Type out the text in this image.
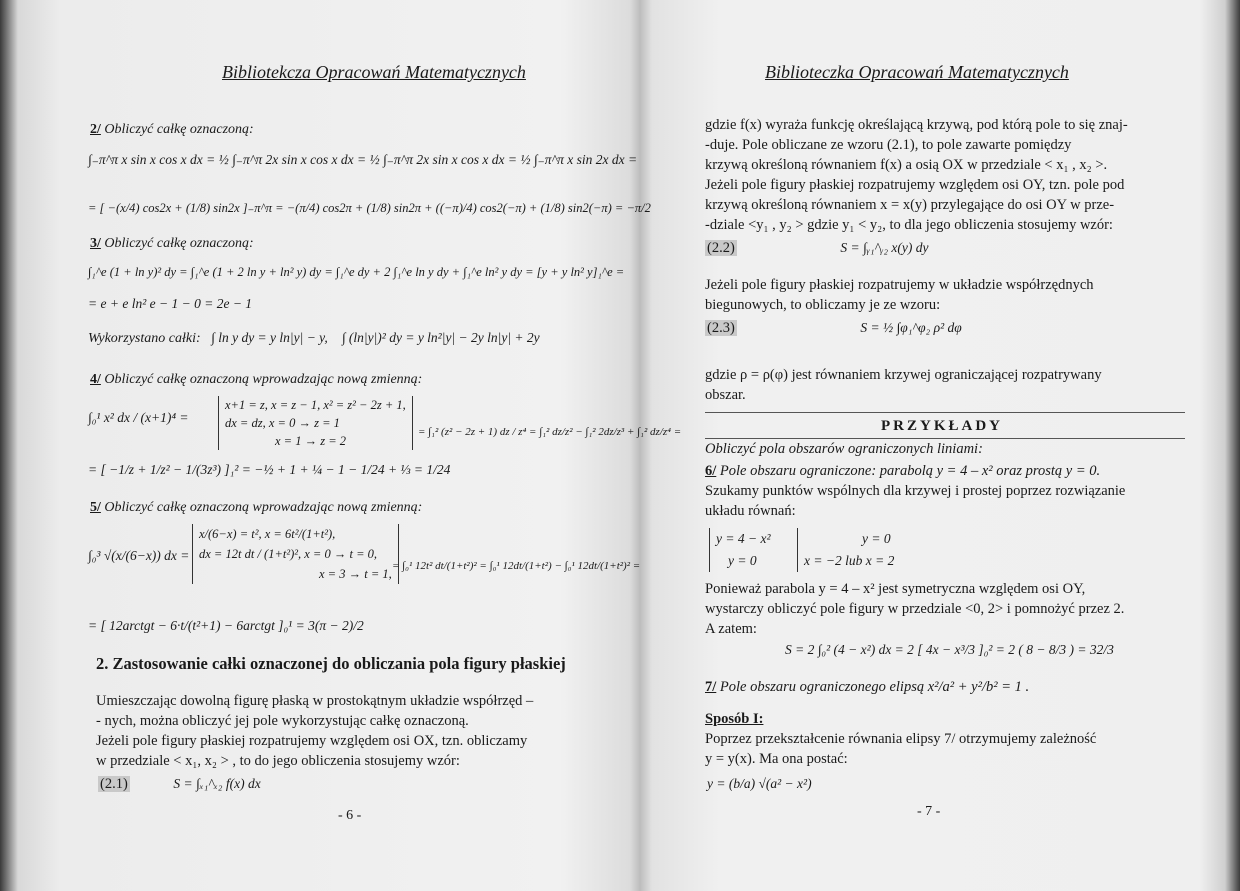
Bibliotekcza Opracowań Matematycznych
2/ Obliczyć całkę oznaczoną:
∫₋π^π x sin x cos x dx = ½ ∫₋π^π 2x sin x cos x dx = ½ ∫₋π^π 2x sin x cos x dx = ½ ∫₋π^π x sin 2x dx =
= [ −(x/4) cos2x + (1/8) sin2x ]₋π^π = −(π/4) cos2π + (1/8) sin2π + ((−π)/4) cos2(−π) + (1/8) sin2(−π) = −π/2
3/ Obliczyć całkę oznaczoną:
∫₁^e (1 + ln y)² dy = ∫₁^e (1 + 2 ln y + ln² y) dy = ∫₁^e dy + 2 ∫₁^e ln y dy + ∫₁^e ln² y dy = [y + y ln² y]₁^e =
= e + e ln² e − 1 − 0 = 2e − 1
Wykorzystano całki: ∫ ln y dy = y ln|y| − y, ∫ (ln|y|)² dy = y ln²|y| − 2y ln|y| + 2y
4/ Obliczyć całkę oznaczoną wprowadzając nową zmienną:
∫₀¹ x² dx / (x+1)⁴ =
x+1 = z, x = z − 1, x² = z² − 2z + 1,
dx = dz, x = 0 → z = 1
x = 1 → z = 2
= ∫₁² (z² − 2z + 1) dz / z⁴ = ∫₁² dz/z² − ∫₁² 2dz/z³ + ∫₁² dz/z⁴ =
= [ −1/z + 1/z² − 1/(3z³) ]₁² = −½ + 1 + ¼ − 1 − 1/24 + ⅓ = 1/24
5/ Obliczyć całkę oznaczoną wprowadzając nową zmienną:
∫₀³ √(x/(6−x)) dx =
x/(6−x) = t², x = 6t²/(1+t²),
dx = 12t dt / (1+t²)², x = 0 → t = 0,
x = 3 → t = 1,
= ∫₀¹ 12t² dt/(1+t²)² = ∫₀¹ 12dt/(1+t²) − ∫₀¹ 12dt/(1+t²)² =
= [ 12arctgt − 6·t/(t²+1) − 6arctgt ]₀¹ = 3(π − 2)/2
2. Zastosowanie całki oznaczonej do obliczania pola figury płaskiej
Umieszczając dowolną figurę płaską w prostokątnym układzie współrzęd –
- nych, można obliczyć jej pole wykorzystując całkę oznaczoną.
Jeżeli pole figury płaskiej rozpatrujemy względem osi OX, tzn. obliczamy
w przedziale < x₁, x₂ > , to do jego obliczenia stosujemy wzór:
(2.1)	S = ∫ₓ₁^ₓ₂ f(x) dx
- 6 -
Biblioteczka Opracowań Matematycznych
gdzie f(x) wyraża funkcję określającą krzywą, pod którą pole to się znaj-
-duje. Pole obliczane ze wzoru (2.1), to pole zawarte pomiędzy
krzywą określoną równaniem f(x) a osią OX w przedziale < x₁ , x₂ >.
Jeżeli pole figury płaskiej rozpatrujemy względem osi OY, tzn. pole pod
krzywą określoną równaniem x = x(y) przylegające do osi OY w prze-
-dziale <y₁ , y₂ > gdzie y₁ < y₂, to dla jego obliczenia stosujemy wzór:
(2.2)	S = ∫ᵧ₁^ᵧ₂ x(y) dy
Jeżeli pole figury płaskiej rozpatrujemy w układzie współrzędnych
biegunowych, to obliczamy je ze wzoru:
(2.3)	S = ½ ∫φ₁^φ₂ ρ² dφ
gdzie ρ = ρ(φ) jest równaniem krzywej ograniczającej rozpatrywany
obszar.
PRZYKŁADY
Obliczyć pola obszarów ograniczonych liniami:
6/ Pole obszaru ograniczone: parabolą y = 4 – x² oraz prostą y = 0.
Szukamy punktów wspólnych dla krzywej i prostej poprzez rozwiązanie
układu równań:
y = 4 − x²
y = 0
y = 0
x = −2 lub x = 2
Ponieważ parabola y = 4 – x² jest symetryczna względem osi OY,
wystarczy obliczyć pole figury w przedziale <0, 2> i pomnożyć przez 2.
A zatem:
S = 2 ∫₀² (4 − x²) dx = 2 [ 4x − x³/3 ]₀² = 2 ( 8 − 8/3 ) = 32/3
7/ Pole obszaru ograniczonego elipsą x²/a² + y²/b² = 1 .
Sposób I:
Poprzez przekształcenie równania elipsy 7/ otrzymujemy zależność
y = y(x). Ma ona postać:
y = (b/a) √(a² − x²)
- 7 -
